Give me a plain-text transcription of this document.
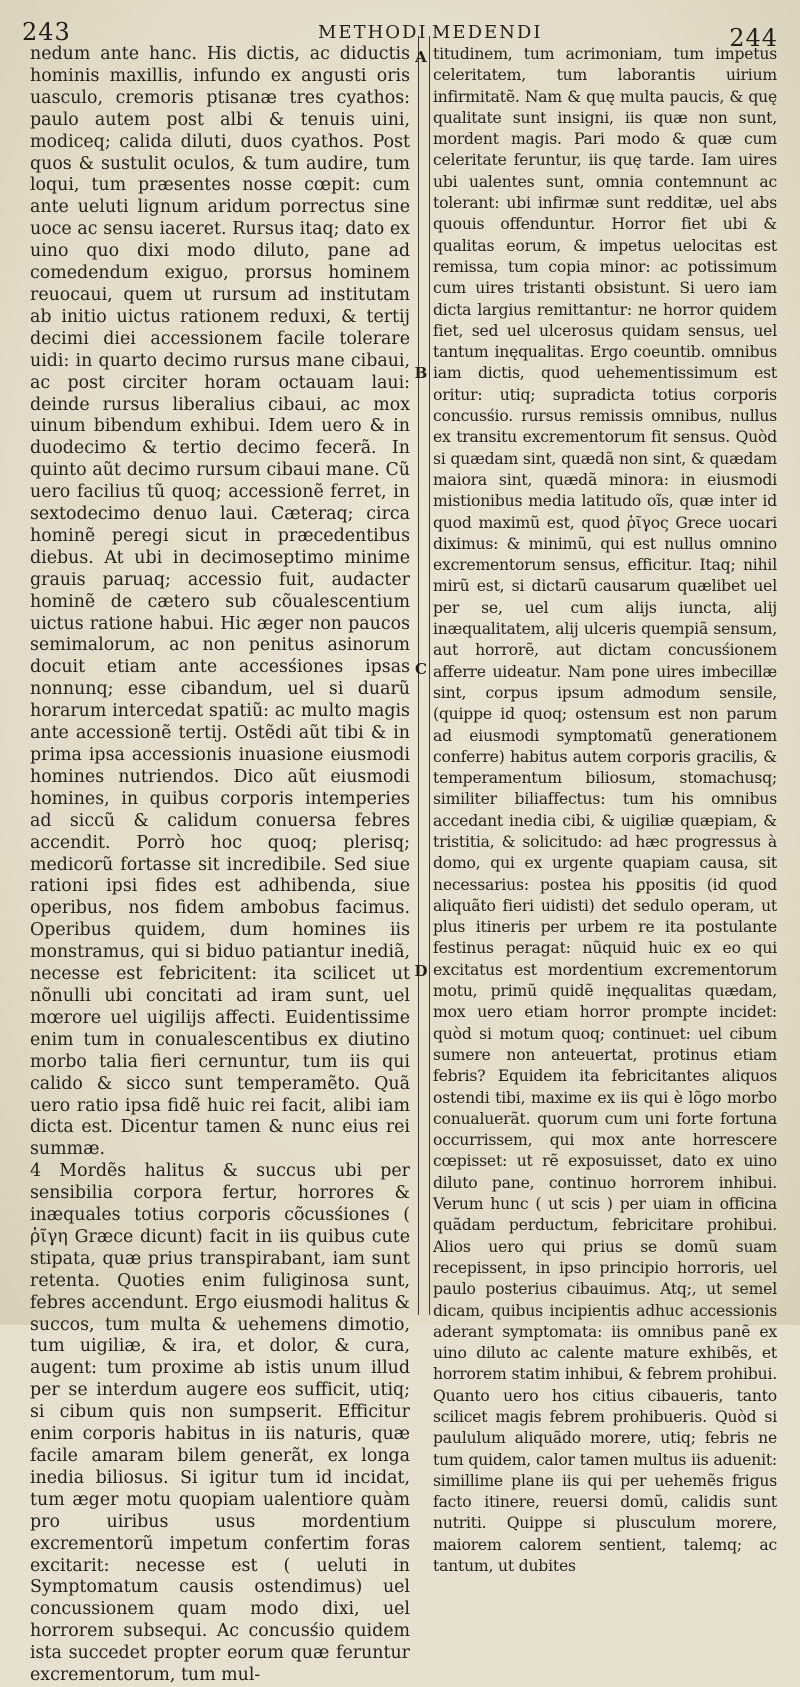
243	METHODI MEDENDI	244
A
B
C
D

nedum ante hanc. His dictis, ac diductis hominis maxillis, infundo ex angusti oris uasculo, cremoris ptisanæ tres cyathos: paulo autem post albi & tenuis uini, modiceq; calida diluti, duos cyathos. Post quos & sustulit oculos, & tum audire, tum loqui, tum præsentes nosse cœpit: cum ante ueluti lignum aridum porrectus sine uoce ac sensu iaceret. Rursus itaq; dato ex uino quo dixi modo diluto, pane ad comedendum exiguo, prorsus hominem reuocaui, quem ut rursum ad institutam ab initio uictus rationem reduxi, & tertij decimi diei accessionem facile tolerare uidi: in quarto decimo rursus mane cibaui, ac post circiter horam octauam laui: deinde rursus liberalius cibaui, ac mox uinum bibendum exhibui. Idem uero & in duodecimo & tertio decimo fecerã. In quinto aũt decimo rursum cibaui mane. Cũ uero facilius tũ quoq; accessionẽ ferret, in sextodecimo denuo laui. Cæteraq; circa hominẽ peregi sicut in præcedentibus diebus. At ubi in decimoseptimo minime grauis paruaq; accessio fuit, audacter hominẽ de cætero sub cõualescentium uictus ratione habui. Hic æger non paucos semimalorum, ac non penitus asinorum docuit etiam ante accesśiones ipsas nonnunq; esse cibandum, uel si duarũ horarum intercedat spatiũ: ac multo magis ante accessionẽ tertij. Ostẽdi aũt tibi & in prima ipsa accessionis inuasione eiusmodi homines nutriendos. Dico aũt eiusmodi homines, in quibus corporis intemperies ad siccũ & calidum conuersa febres accendit. Porrò hoc quoq; plerisq; medicorũ fortasse sit incredibile. Sed siue rationi ipsi fides est adhibenda, siue operibus, nos fidem ambobus facimus. Operibus quidem, dum homines iis monstramus, qui si biduo patiantur inediã, necesse est febricitent: ita scilicet ut nõnulli ubi concitati ad iram sunt, uel mœrore uel uigilijs affecti. Euidentissime enim tum in conualescentibus ex diutino morbo talia fieri cernuntur, tum iis qui calido & sicco sunt temperamẽto. Quã uero ratio ipsa fidẽ huic rei facit, alibi iam dicta est. Dicentur tamen & nunc eius rei summæ.

4 Mordẽs halitus & succus ubi per sensibilia corpora fertur, horrores & inæquales totius corporis cõcusśiones ( ῥῖγη Græce dicunt) facit in iis quibus cute stipata, quæ prius transpirabant, iam sunt retenta. Quoties enim fuliginosa sunt, febres accendunt. Ergo eiusmodi halitus & succos, tum multa & uehemens dimotio, tum uigiliæ, & ira, et dolor, & cura, augent: tum proxime ab istis unum illud per se interdum augere eos sufficit, utiq; si cibum quis non sumpserit. Efficitur enim corporis habitus in iis naturis, quæ facile amaram bilem generãt, ex longa inedia biliosus. Si igitur tum id incidat, tum æger motu quopiam ualentiore quàm pro uiribus usus mordentium excrementorũ impetum confertim foras excitarit: necesse est ( ueluti in Symptomatum causis ostendimus) uel concussionem quam modo dixi, uel horrorem subsequi. Ac concusśio quidem ista succedet propter eorum quæ feruntur excrementorum, tum mul-

titudinem, tum acrimoniam, tum impetus celeritatem, tum laborantis uirium infirmitatẽ. Nam & quę multa paucis, & quę qualitate sunt insigni, iis quæ non sunt, mordent magis. Pari modo & quæ cum celeritate feruntur, iis quę tarde. Iam uires ubi ualentes sunt, omnia contemnunt ac tolerant: ubi infirmæ sunt redditæ, uel abs quouis offenduntur. Horror fiet ubi & qualitas eorum, & impetus uelocitas est remissa, tum copia minor: ac potissimum cum uires tristanti obsistunt. Si uero iam dicta largius remittantur: ne horror quidem fiet, sed uel ulcerosus quidam sensus, uel tantum inęqualitas. Ergo coeuntib. omnibus iam dictis, quod uehementissimum est oritur: utiq; supradicta totius corporis concusśio. rursus remissis omnibus, nullus ex transitu excrementorum fit sensus. Quòd si quædam sint, quædã non sint, & quædam maiora sint, quædã minora: in eiusmodi mistionibus media latitudo oĩs, quæ inter id quod maximũ est, quod ῥῖγος Grece uocari diximus: & minimũ, qui est nullus omnino excrementorum sensus, efficitur. Itaq; nihil mirũ est, si dictarũ causarum quælibet uel per se, uel cum alijs iuncta, alij inæqualitatem, alij ulceris quempiã sensum, aut horrorẽ, aut dictam concusśionem afferre uideatur. Nam pone uires imbecillæ sint, corpus ipsum admodum sensile, (quippe id quoq; ostensum est non parum ad eiusmodi symptomatũ generationem conferre) habitus autem corporis gracilis, & temperamentum biliosum, stomachusq; similiter biliaffectus: tum his omnibus accedant inedia cibi, & uigiliæ quæpiam, & tristitia, & solicitudo: ad hæc progressus à domo, qui ex urgente quapiam causa, sit necessarius: postea his ꝑpositis (id quod aliquãto fieri uidisti) det sedulo operam, ut plus itineris per urbem re ita postulante festinus peragat: nũquid huic ex eo qui excitatus est mordentium excrementorum motu, primũ quidẽ inęqualitas quædam, mox uero etiam horror prompte incidet: quòd si motum quoq; continuet: uel cibum sumere non anteuertat, protinus etiam febris? Equidem ita febricitantes aliquos ostendi tibi, maxime ex iis qui è lõgo morbo conualuerãt. quorum cum uni forte fortuna occurrissem, qui mox ante horrescere cœpisset: ut rẽ exposuisset, dato ex uino diluto pane, continuo horrorem inhibui. Verum hunc ( ut scis ) per uiam in officina quãdam perductum, febricitare prohibui. Alios uero qui prius se domũ suam recepissent, in ipso principio horroris, uel paulo posterius cibauimus. Atq;, ut semel dicam, quibus incipientis adhuc accessionis aderant symptomata: iis omnibus panẽ ex uino diluto ac calente mature exhibẽs, et horrorem statim inhibui, & febrem prohibui. Quanto uero hos citius cibaueris, tanto scilicet magis febrem prohibueris. Quòd si paululum aliquãdo morere, utiq; febris ne tum quidem, calor tamen multus iis aduenit: simillime plane iis qui per uehemẽs frigus facto itinere, reuersi domũ, calidis sunt nutriti. Quippe si plusculum morere, maiorem calorem sentient, talemq; ac tantum, ut dubites
